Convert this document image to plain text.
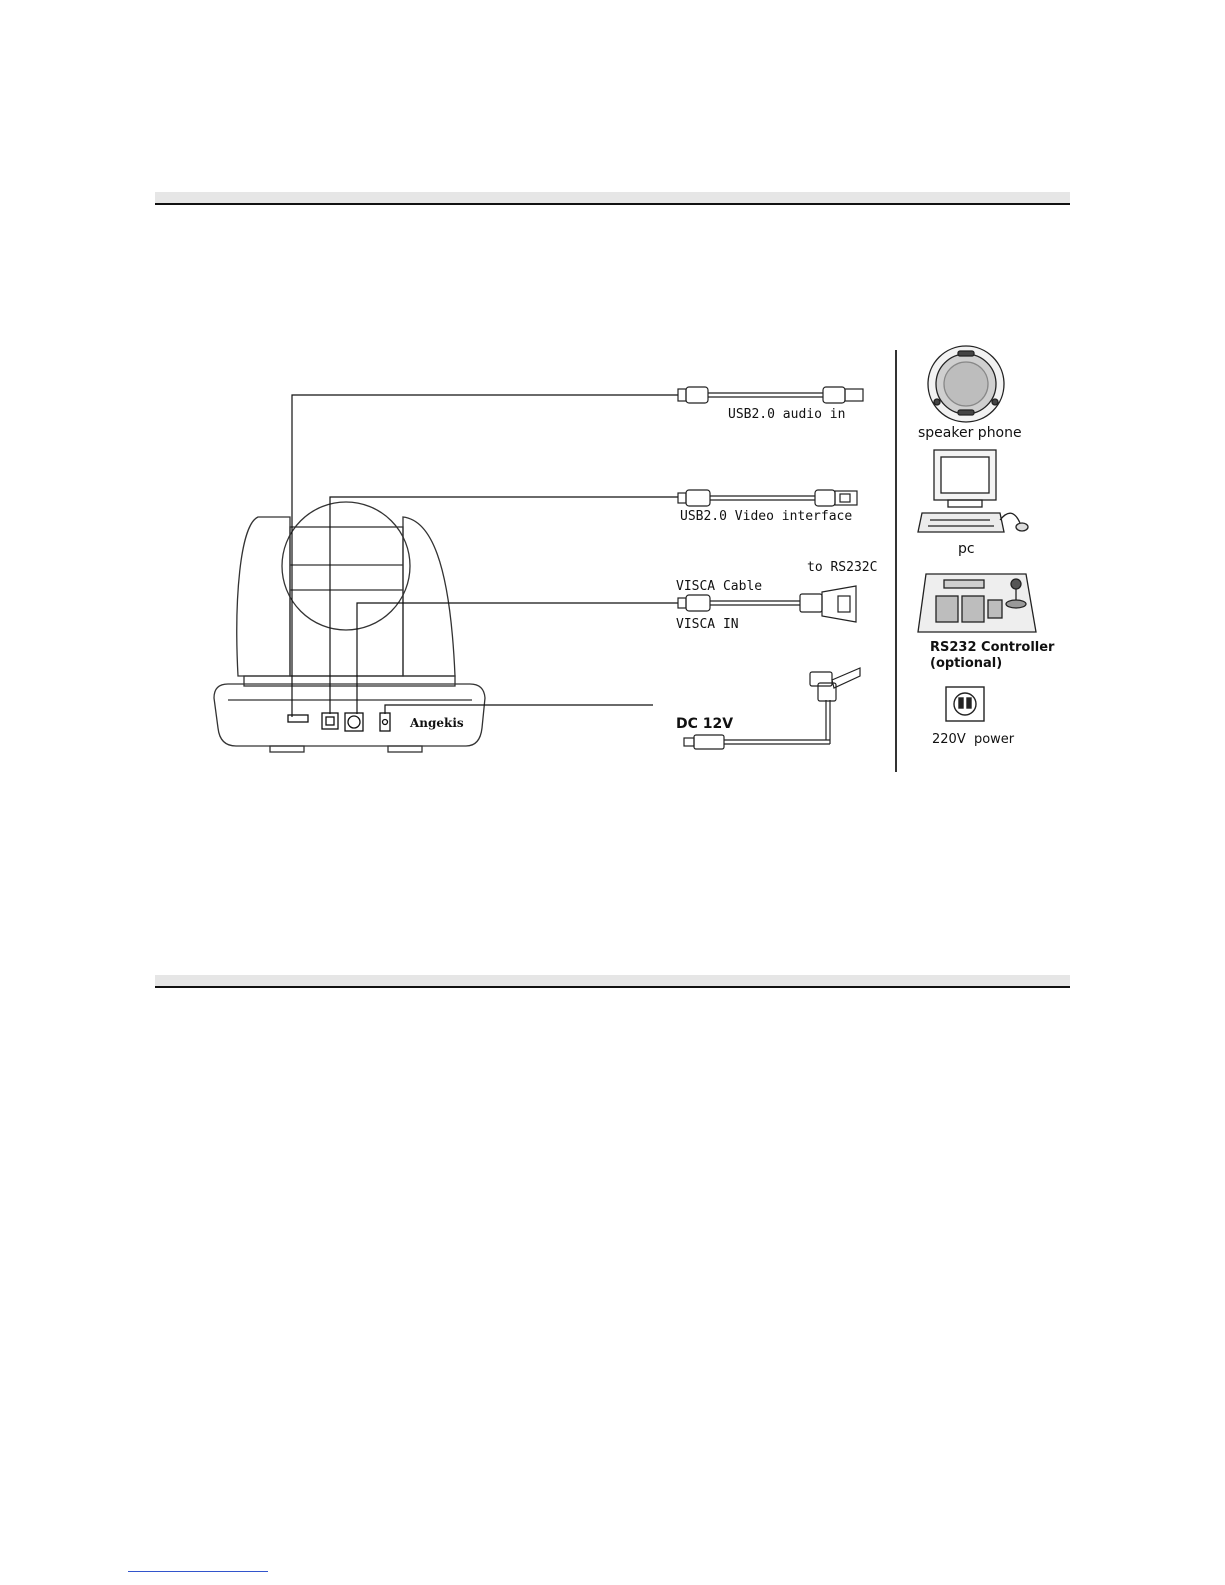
Angekis
USB2.0 audio in
USB2.0 Video interface
to RS232C
VISCA Cable
VISCA IN
DC 12V
speaker phone
pc
RS232 Controller
(optional)
220V  power
